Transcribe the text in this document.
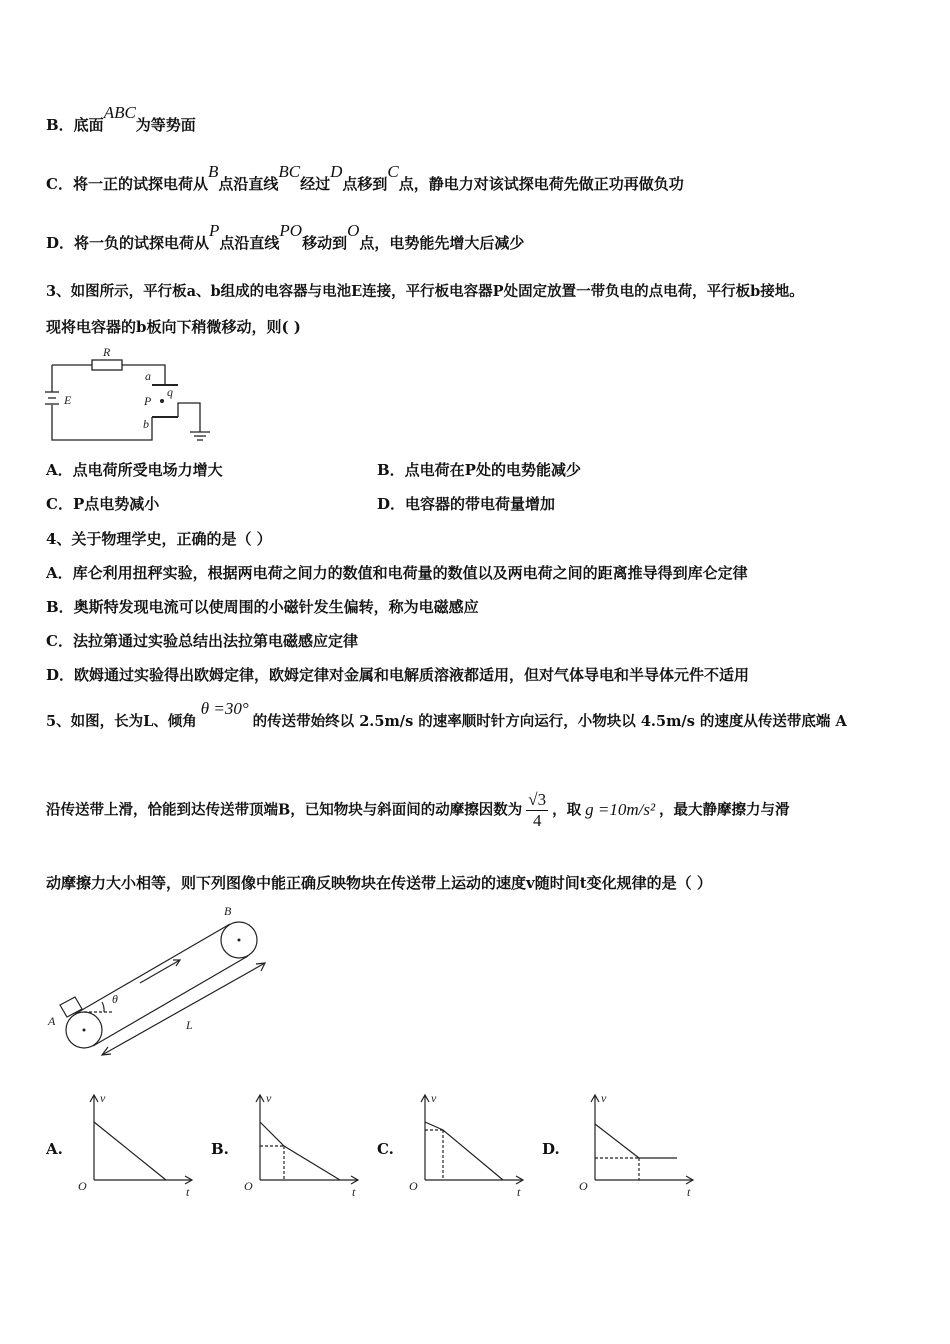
B．底面ABC为等势面
C．将一正的试探电荷从B点沿直线BC经过D点移到C点，静电力对该试探电荷先做正功再做负功
D．将一负的试探电荷从P点沿直线PO移动到O点，电势能先增大后减少
3、如图所示，平行板a、b组成的电容器与电池E连接，平行板电容器P处固定放置一带负电的点电荷，平行板b接地。
现将电容器的b板向下稍微移动，则( )
R
E
a
b
P
q
A．点电荷所受电场力增大	B．点电荷在P处的电势能减少
C．P点电势减小	D．电容器的带电荷量增加
4、关于物理学史，正确的是（ ）
A．库仑利用扭秤实验，根据两电荷之间力的数值和电荷量的数值以及两电荷之间的距离推导得到库仑定律
B．奥斯特发现电流可以使周围的小磁针发生偏转，称为电磁感应
C．法拉第通过实验总结出法拉第电磁感应定律
D．欧姆通过实验得出欧姆定律，欧姆定律对金属和电解质溶液都适用，但对气体导电和半导体元件不适用
5、如图，长为L、倾角θ =30°的传送带始终以 2.5m/s 的速率顺时针方向运行，小物块以 4.5m/s 的速度从传送带底端 A
沿传送带上滑，恰能到达传送带顶端B，已知物块与斜面间的动摩擦因数为 $\frac{√3}{4}$ ，取 g =10m/s² ，最大静摩擦力与滑
动摩擦力大小相等，则下列图像中能正确反映物块在传送带上运动的速度v随时间t变化规律的是（ ）
A
B
θ
L
A.
v
t
O
B.
v
t
O
C.
v
t
O
D.
v
t
O
